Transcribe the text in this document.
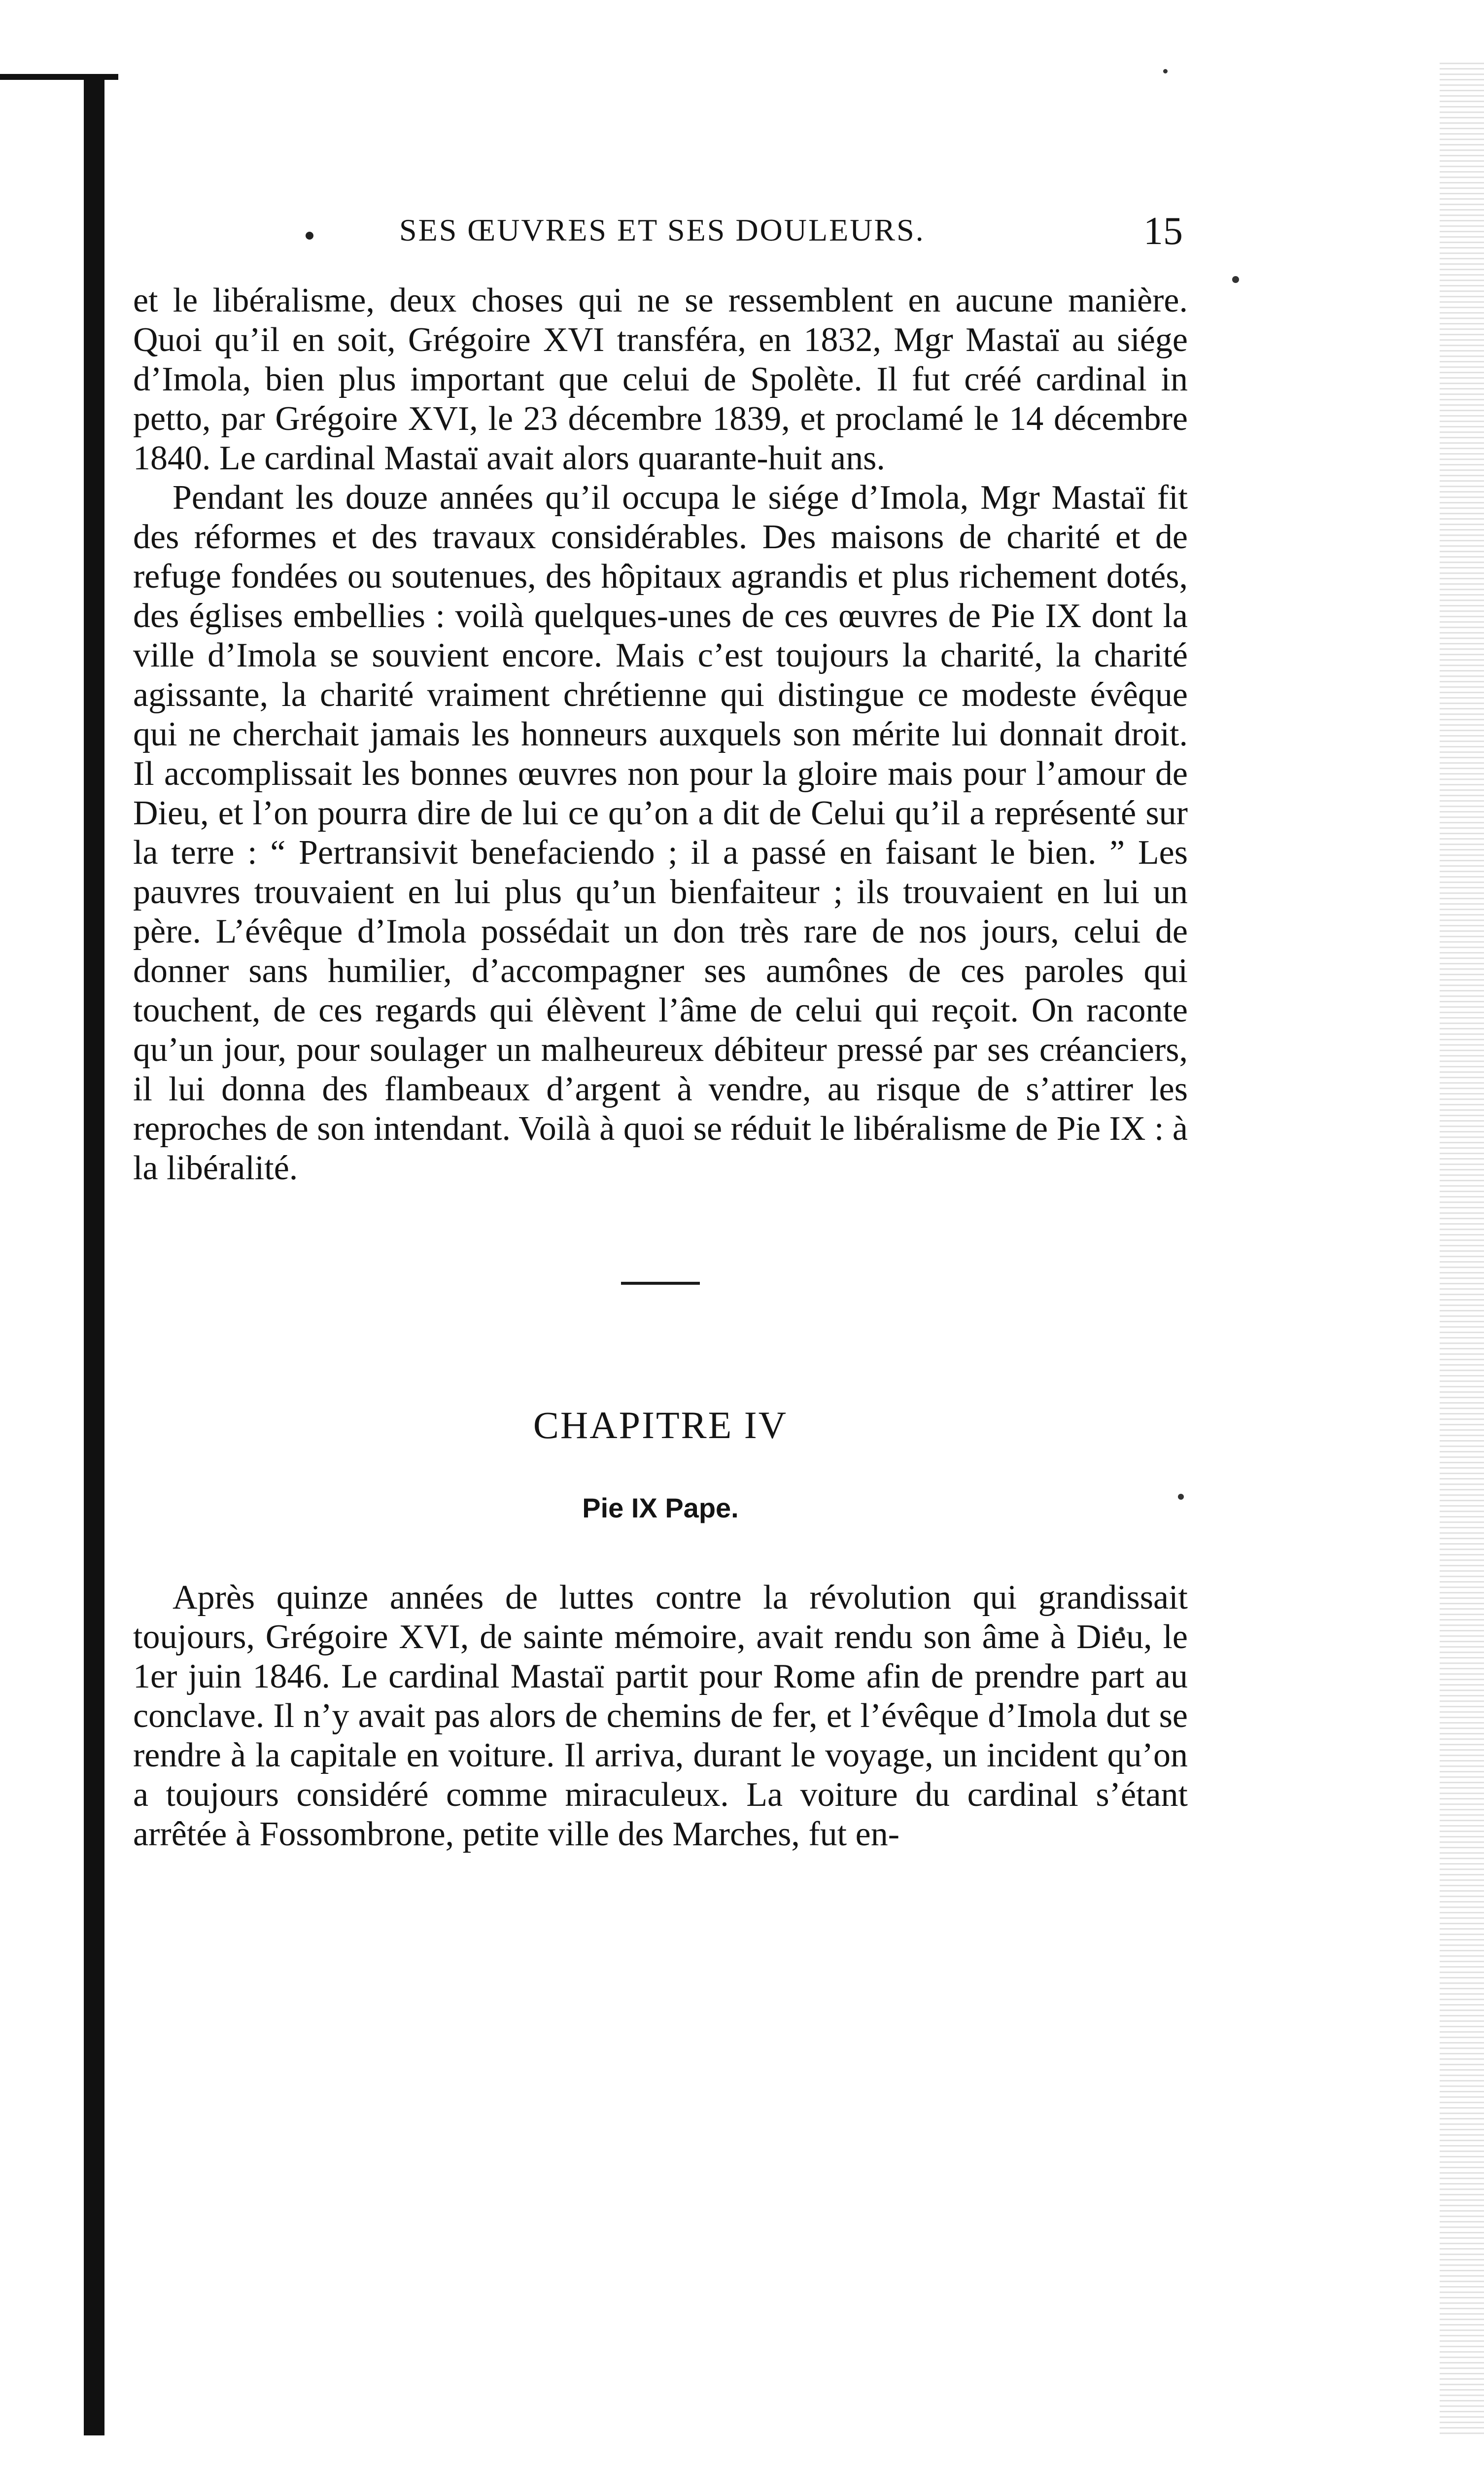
SES ŒUVRES ET SES DOULEURS.	15

et le libéralisme, deux choses qui ne se ressemblent en aucune manière. Quoi qu’il en soit, Grégoire XVI transféra, en 1832, Mgr Mastaï au siége d’Imola, bien plus important que celui de Spolète. Il fut créé cardinal in petto, par Grégoire XVI, le 23 décembre 1839, et proclamé le 14 décembre 1840. Le cardinal Mastaï avait alors quarante-huit ans.

Pendant les douze années qu’il occupa le siége d’Imola, Mgr Mastaï fit des réformes et des travaux considérables. Des maisons de charité et de refuge fondées ou soutenues, des hôpitaux agrandis et plus richement dotés, des églises embellies : voilà quelques-unes de ces œuvres de Pie IX dont la ville d’Imola se souvient encore. Mais c’est toujours la charité, la charité agissante, la charité vraiment chrétienne qui distingue ce modeste évêque qui ne cherchait jamais les honneurs auxquels son mérite lui donnait droit. Il accomplissait les bonnes œuvres non pour la gloire mais pour l’amour de Dieu, et l’on pourra dire de lui ce qu’on a dit de Celui qu’il a représenté sur la terre : “ Pertransivit benefaciendo ; il a passé en faisant le bien. ” Les pauvres trouvaient en lui plus qu’un bienfaiteur ; ils trouvaient en lui un père. L’évêque d’Imola possédait un don très rare de nos jours, celui de donner sans humilier, d’accompagner ses aumônes de ces paroles qui touchent, de ces regards qui élèvent l’âme de celui qui reçoit. On raconte qu’un jour, pour soulager un malheureux débiteur pressé par ses créanciers, il lui donna des flambeaux d’argent à vendre, au risque de s’attirer les reproches de son intendant. Voilà à quoi se réduit le libéralisme de Pie IX : à la libéralité.

CHAPITRE IV
Pie IX Pape.

Après quinze années de luttes contre la révolution qui grandissait toujours, Grégoire XVI, de sainte mémoire, avait rendu son âme à Dieu, le 1er juin 1846. Le cardinal Mastaï partit pour Rome afin de prendre part au conclave. Il n’y avait pas alors de chemins de fer, et l’évêque d’Imola dut se rendre à la capitale en voiture. Il arriva, durant le voyage, un incident qu’on a toujours considéré comme miraculeux. La voiture du cardinal s’étant arrêtée à Fossombrone, petite ville des Marches, fut en-
